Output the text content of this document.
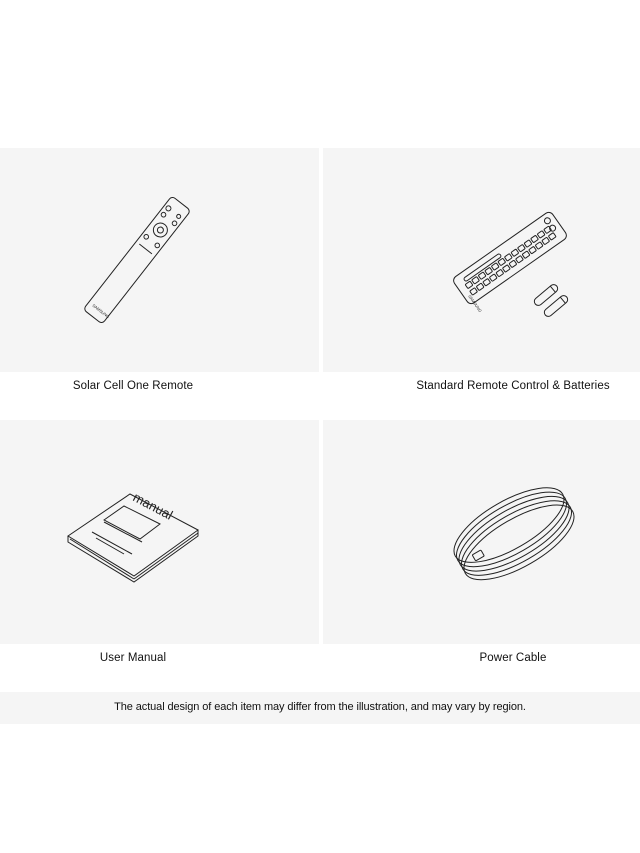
SAMSUNG
Solar Cell One Remote
SAMSUNG
Standard Remote Control & Batteries
manual
User Manual	Power Cable
The actual design of each item may differ from the illustration, and may vary by region.
